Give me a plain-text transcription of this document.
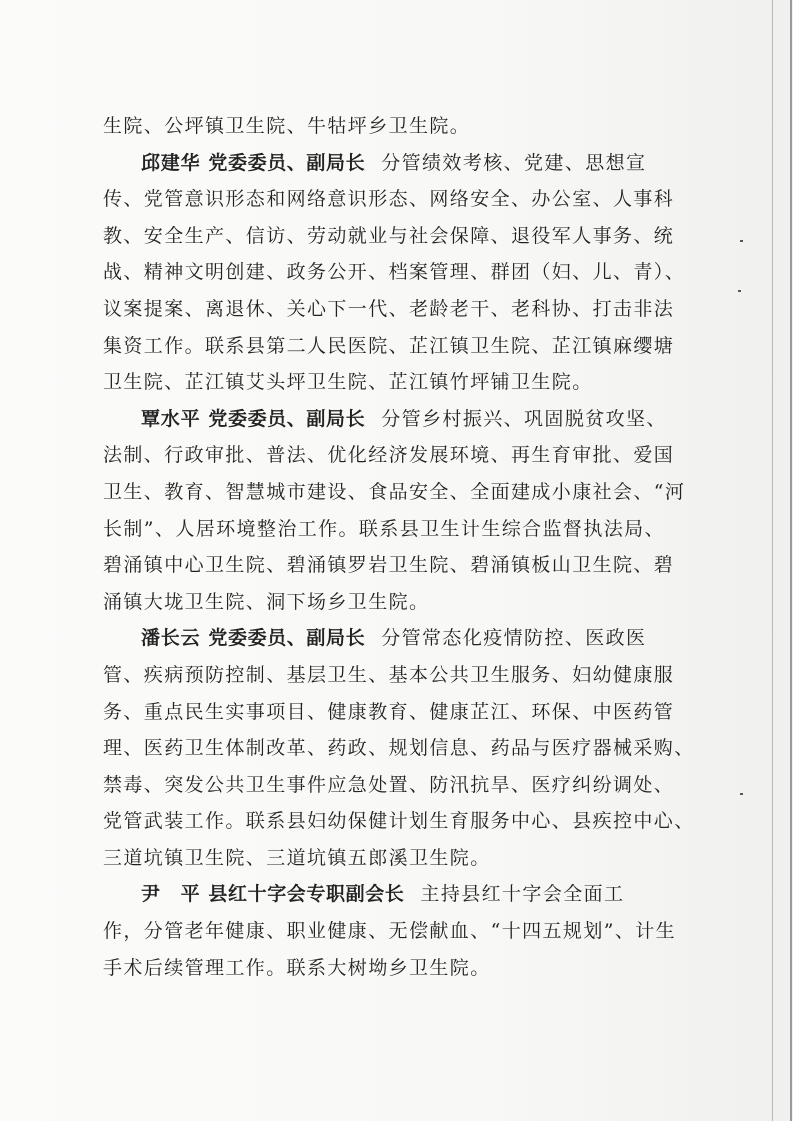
生院、公坪镇卫生院、牛牯坪乡卫生院。
邱建华 党委委员、副局长 分管绩效考核、党建、思想宣
传、党管意识形态和网络意识形态、网络安全、办公室、人事科
教、安全生产、信访、劳动就业与社会保障、退役军人事务、统
战、精神文明创建、政务公开、档案管理、群团（妇、儿、青）、
议案提案、离退休、关心下一代、老龄老干、老科协、打击非法
集资工作。联系县第二人民医院、芷江镇卫生院、芷江镇麻缨塘
卫生院、芷江镇艾头坪卫生院、芷江镇竹坪铺卫生院。
覃水平 党委委员、副局长 分管乡村振兴、巩固脱贫攻坚、
法制、行政审批、普法、优化经济发展环境、再生育审批、爱国
卫生、教育、智慧城市建设、食品安全、全面建成小康社会、“河
长制”、人居环境整治工作。联系县卫生计生综合监督执法局、
碧涌镇中心卫生院、碧涌镇罗岩卫生院、碧涌镇板山卫生院、碧
涌镇大垅卫生院、洞下场乡卫生院。
潘长云 党委委员、副局长 分管常态化疫情防控、医政医
管、疾病预防控制、基层卫生、基本公共卫生服务、妇幼健康服
务、重点民生实事项目、健康教育、健康芷江、环保、中医药管
理、医药卫生体制改革、药政、规划信息、药品与医疗器械采购、
禁毒、突发公共卫生事件应急处置、防汛抗旱、医疗纠纷调处、
党管武装工作。联系县妇幼保健计划生育服务中心、县疾控中心、
三道坑镇卫生院、三道坑镇五郎溪卫生院。
尹　平 县红十字会专职副会长 主持县红十字会全面工
作，分管老年健康、职业健康、无偿献血、“十四五规划”、计生
手术后续管理工作。联系大树坳乡卫生院。
